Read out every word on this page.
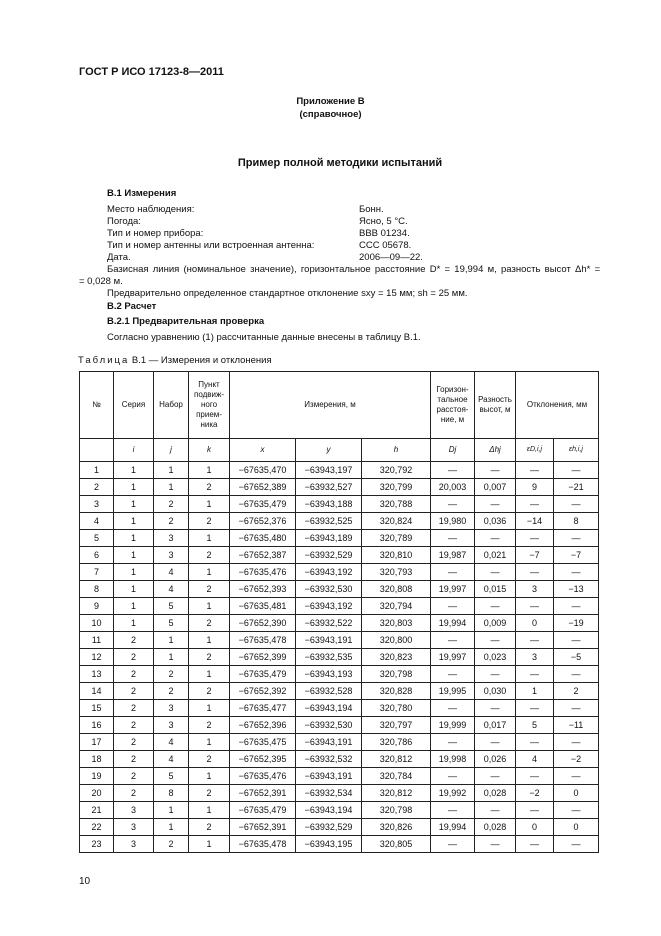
ГОСТ Р ИСО 17123-8—2011
Приложение В
(справочное)
Пример полной методики испытаний
В.1 Измерения
Место наблюдения:	Бонн.
Погода:	Ясно, 5 °С.
Тип и номер прибора:	ВВВ 01234.
Тип и номер антенны или встроенная антенна:	ССС 05678.
Дата.	2006—09—22.
Базисная линия (номинальное значение), горизонтальное расстояние D* = 19,994 м, разность высот Δh* =
= 0,028 м.
Предварительно определенное стандартное отклонение sxy = 15 мм; sh = 25 мм.
В.2 Расчет
В.2.1 Предварительная проверка
Согласно уравнению (1) рассчитанные данные внесены в таблицу В.1.
Таблица В.1 — Измерения и отклонения
№	Серия	Набор	Пункт подвиж-ного прием-ника	Измерения, м			Горизон-тальное расстоя-ние, м	Разность высот, м	Отклонения, мм	
	i	j	k	x	y	h	Dj	Δhj	εD,i,j	εh,i,j
1	1	1	1	−67635,470	−63943,197	320,792	—	—	—	—
2	1	1	2	−67652,389	−63932,527	320,799	20,003	0,007	9	−21
3	1	2	1	−67635,479	−63943,188	320,788	—	—	—	—
4	1	2	2	−67652,376	−63932,525	320,824	19,980	0,036	−14	8
5	1	3	1	−67635,480	−63943,189	320,789	—	—	—	—
6	1	3	2	−67652,387	−63932,529	320,810	19,987	0,021	−7	−7
7	1	4	1	−67635,476	−63943,192	320,793	—	—	—	—
8	1	4	2	−67652,393	−63932,530	320,808	19,997	0,015	3	−13
9	1	5	1	−67635,481	−63943,192	320,794	—	—	—	—
10	1	5	2	−67652,390	−63932,522	320,803	19,994	0,009	0	−19
11	2	1	1	−67635,478	−63943,191	320,800	—	—	—	—
12	2	1	2	−67652,399	−63932,535	320,823	19,997	0,023	3	−5
13	2	2	1	−67635,479	−63943,193	320,798	—	—	—	—
14	2	2	2	−67652,392	−63932,528	320,828	19,995	0,030	1	2
15	2	3	1	−67635,477	−63943,194	320,780	—	—	—	—
16	2	3	2	−67652,396	−63932,530	320,797	19,999	0,017	5	−11
17	2	4	1	−67635,475	−63943,191	320,786	—	—	—	—
18	2	4	2	−67652,395	−63932,532	320,812	19,998	0,026	4	−2
19	2	5	1	−67635,476	−63943,191	320,784	—	—	—	—
20	2	8	2	−67652,391	−63932,534	320,812	19,992	0,028	−2	0
21	3	1	1	−67635,479	−63943,194	320,798	—	—	—	—
22	3	1	2	−67652,391	−63932,529	320,826	19,994	0,028	0	0
23	3	2	1	−67635,478	−63943,195	320,805	—	—	—	—
10
